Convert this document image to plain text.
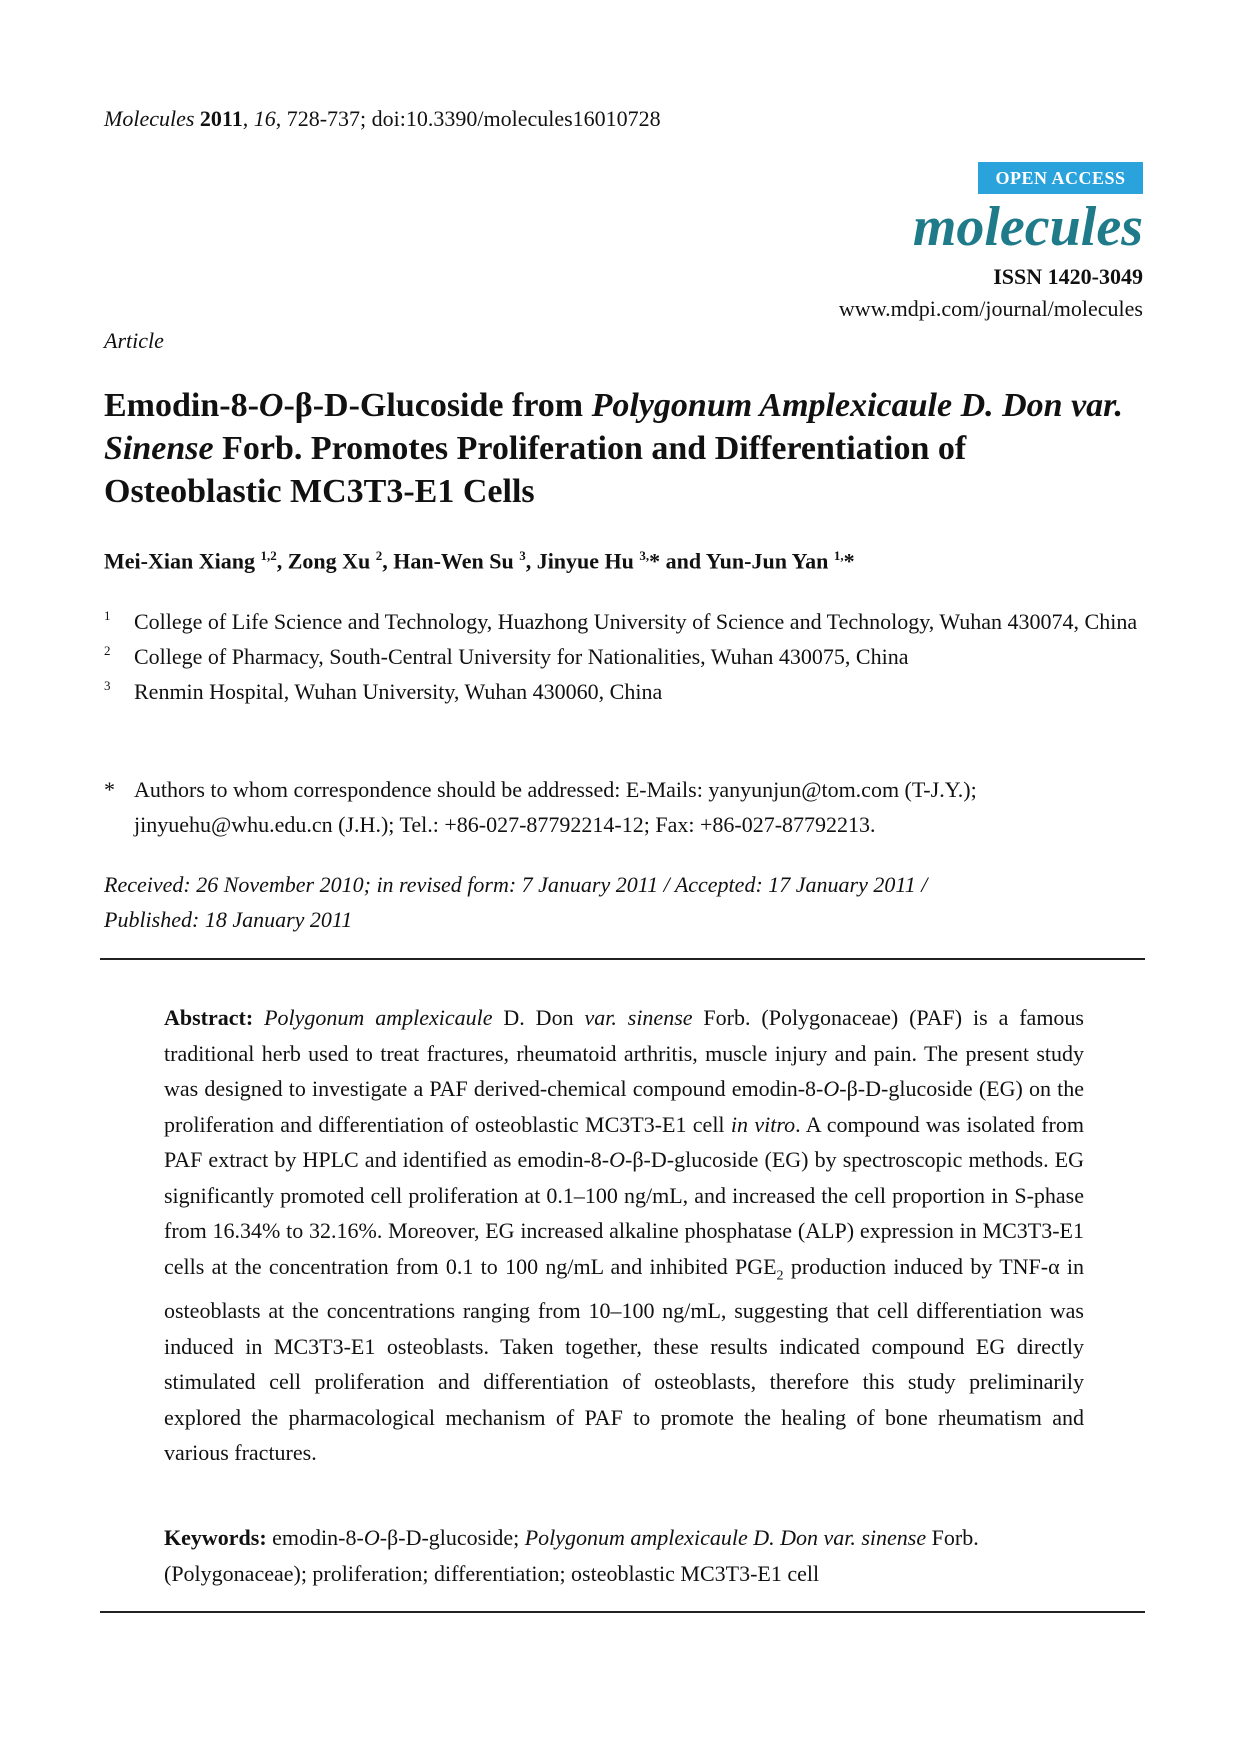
Molecules 2011, 16, 728-737; doi:10.3390/molecules16010728
OPEN ACCESS
molecules
ISSN 1420-3049
www.mdpi.com/journal/molecules
Article
Emodin-8-O-β-D-Glucoside from Polygonum Amplexicaule D. Don var. Sinense Forb. Promotes Proliferation and Differentiation of Osteoblastic MC3T3-E1 Cells
Mei-Xian Xiang $^{1,2}$, Zong Xu $^2$, Han-Wen Su $^3$, Jinyue Hu $^{3,}$* and Yun-Jun Yan $^{1,}$*
1 College of Life Science and Technology, Huazhong University of Science and Technology, Wuhan 430074, China
2 College of Pharmacy, South-Central University for Nationalities, Wuhan 430075, China
3 Renmin Hospital, Wuhan University, Wuhan 430060, China
* Authors to whom correspondence should be addressed: E-Mails: yanyunjun@tom.com (T-J.Y.); jinyuehu@whu.edu.cn (J.H.); Tel.: +86-027-87792214-12; Fax: +86-027-87792213.
Received: 26 November 2010; in revised form: 7 January 2011 / Accepted: 17 January 2011 /
Published: 18 January 2011
Abstract: Polygonum amplexicaule D. Don var. sinense Forb. (Polygonaceae) (PAF) is a famous traditional herb used to treat fractures, rheumatoid arthritis, muscle injury and pain. The present study was designed to investigate a PAF derived-chemical compound emodin-8-O-β-D-glucoside (EG) on the proliferation and differentiation of osteoblastic MC3T3-E1 cell in vitro. A compound was isolated from PAF extract by HPLC and identified as emodin-8-O-β-D-glucoside (EG) by spectroscopic methods. EG significantly promoted cell proliferation at 0.1–100 ng/mL, and increased the cell proportion in S-phase from 16.34% to 32.16%. Moreover, EG increased alkaline phosphatase (ALP) expression in MC3T3-E1 cells at the concentration from 0.1 to 100 ng/mL and inhibited $PGE_2$ production induced by TNF-α in osteoblasts at the concentrations ranging from 10–100 ng/mL, suggesting that cell differentiation was induced in MC3T3-E1 osteoblasts. Taken together, these results indicated compound EG directly stimulated cell proliferation and differentiation of osteoblasts, therefore this study preliminarily explored the pharmacological mechanism of PAF to promote the healing of bone rheumatism and various fractures.
Keywords: emodin-8-O-β-D-glucoside; Polygonum amplexicaule D. Don var. sinense Forb. (Polygonaceae); proliferation; differentiation; osteoblastic MC3T3-E1 cell
